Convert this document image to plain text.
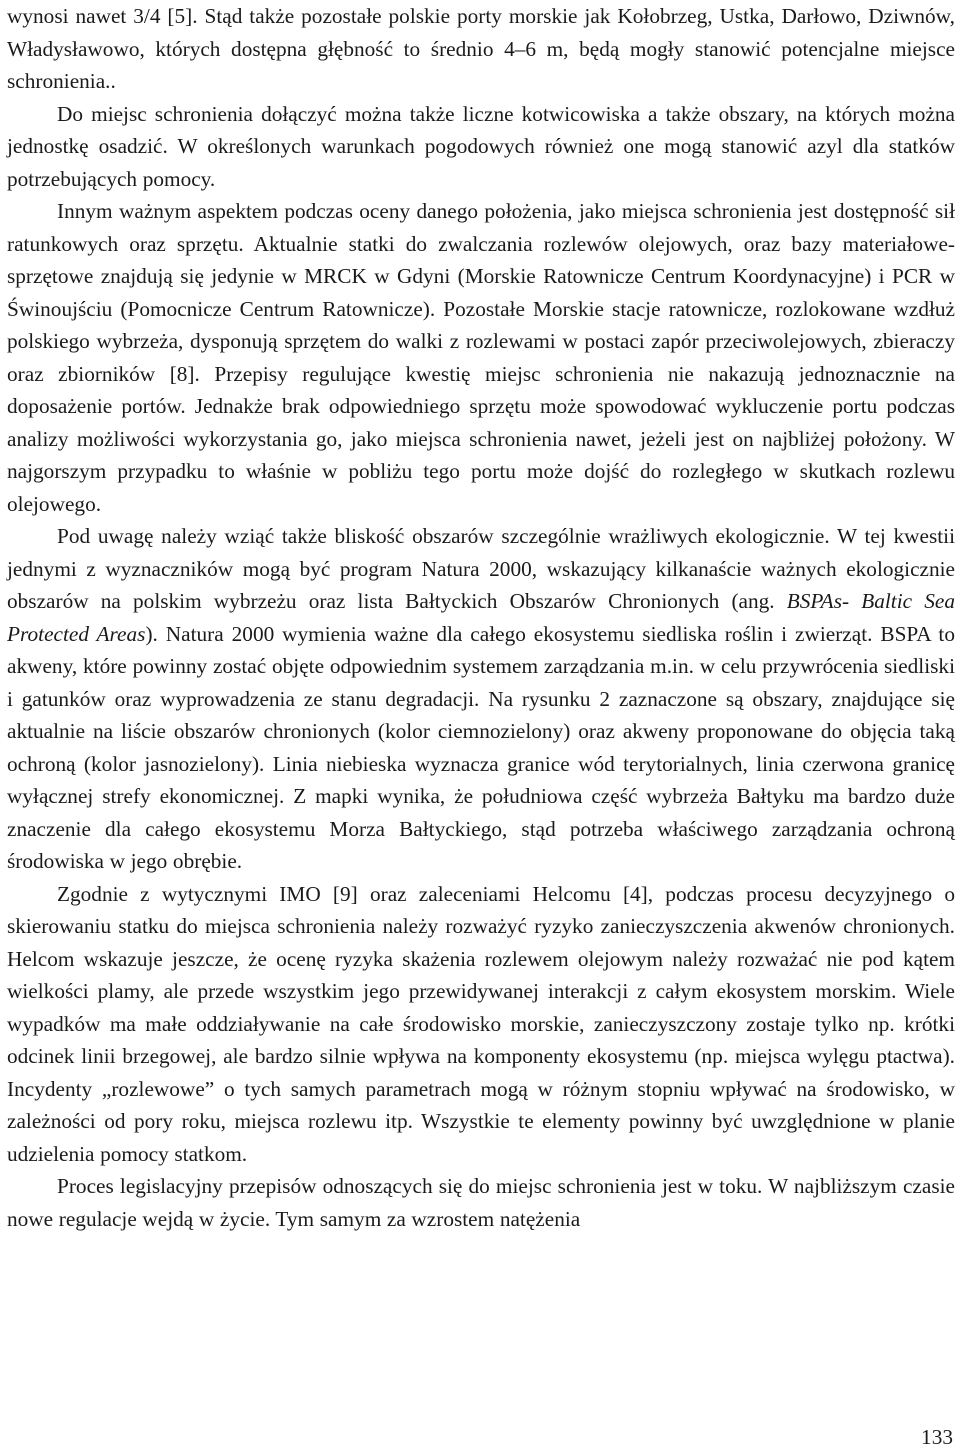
wynosi nawet 3/4 [5]. Stąd także pozostałe polskie porty morskie jak Kołobrzeg, Ustka, Darłowo, Dziwnów, Władysławowo, których dostępna głębność to średnio 4–6 m, będą mogły stanowić potencjalne miejsce schronienia..

Do miejsc schronienia dołączyć można także liczne kotwicowiska a także obszary, na których można jednostkę osadzić. W określonych warunkach pogodowych również one mogą stanowić azyl dla statków potrzebujących pomocy.

Innym ważnym aspektem podczas oceny danego położenia, jako miejsca schronienia jest dostępność sił ratunkowych oraz sprzętu. Aktualnie statki do zwalczania rozlewów olejowych, oraz bazy materiałowe-sprzętowe znajdują się jedynie w MRCK w Gdyni (Morskie Ratownicze Centrum Koordynacyjne) i PCR w Świnoujściu (Pomocnicze Centrum Ratownicze). Pozostałe Morskie stacje ratownicze, rozlokowane wzdłuż polskiego wybrzeża, dysponują sprzętem do walki z rozlewami w postaci zapór przeciwolejowych, zbieraczy oraz zbiorników [8]. Przepisy regulujące kwestię miejsc schronienia nie nakazują jednoznacznie na doposażenie portów. Jednakże brak odpowiedniego sprzętu może spowodować wykluczenie portu podczas analizy możliwości wykorzystania go, jako miejsca schronienia nawet, jeżeli jest on najbliżej położony. W najgorszym przypadku to właśnie w pobliżu tego portu może dojść do rozległego w skutkach rozlewu olejowego.

Pod uwagę należy wziąć także bliskość obszarów szczególnie wrażliwych ekologicznie. W tej kwestii jednymi z wyznaczników mogą być program Natura 2000, wskazujący kilkanaście ważnych ekologicznie obszarów na polskim wybrzeżu oraz lista Bałtyckich Obszarów Chronionych (ang. BSPAs- Baltic Sea Protected Areas). Natura 2000 wymienia ważne dla całego ekosystemu siedliska roślin i zwierząt. BSPA to akweny, które powinny zostać objęte odpowiednim systemem zarządzania m.in. w celu przywrócenia siedliski i gatunków oraz wyprowadzenia ze stanu degradacji. Na rysunku 2 zaznaczone są obszary, znajdujące się aktualnie na liście obszarów chronionych (kolor ciemnozielony) oraz akweny proponowane do objęcia taką ochroną (kolor jasnozielony). Linia niebieska wyznacza granice wód terytorialnych, linia czerwona granicę wyłącznej strefy ekonomicznej. Z mapki wynika, że południowa część wybrzeża Bałtyku ma bardzo duże znaczenie dla całego ekosystemu Morza Bałtyckiego, stąd potrzeba właściwego zarządzania ochroną środowiska w jego obrębie.

Zgodnie z wytycznymi IMO [9] oraz zaleceniami Helcomu [4], podczas procesu decyzyjnego o skierowaniu statku do miejsca schronienia należy rozważyć ryzyko zanieczyszczenia akwenów chronionych. Helcom wskazuje jeszcze, że ocenę ryzyka skażenia rozlewem olejowym należy rozważać nie pod kątem wielkości plamy, ale przede wszystkim jego przewidywanej interakcji z całym ekosystem morskim. Wiele wypadków ma małe oddziaływanie na całe środowisko morskie, zanieczyszczony zostaje tylko np. krótki odcinek linii brzegowej, ale bardzo silnie wpływa na komponenty ekosystemu (np. miejsca wylęgu ptactwa). Incydenty „rozlewowe” o tych samych parametrach mogą w różnym stopniu wpływać na środowisko, w zależności od pory roku, miejsca rozlewu itp. Wszystkie te elementy powinny być uwzględnione w planie udzielenia pomocy statkom.

Proces legislacyjny przepisów odnoszących się do miejsc schronienia jest w toku. W najbliższym czasie nowe regulacje wejdą w życie. Tym samym za wzrostem natężenia

133
